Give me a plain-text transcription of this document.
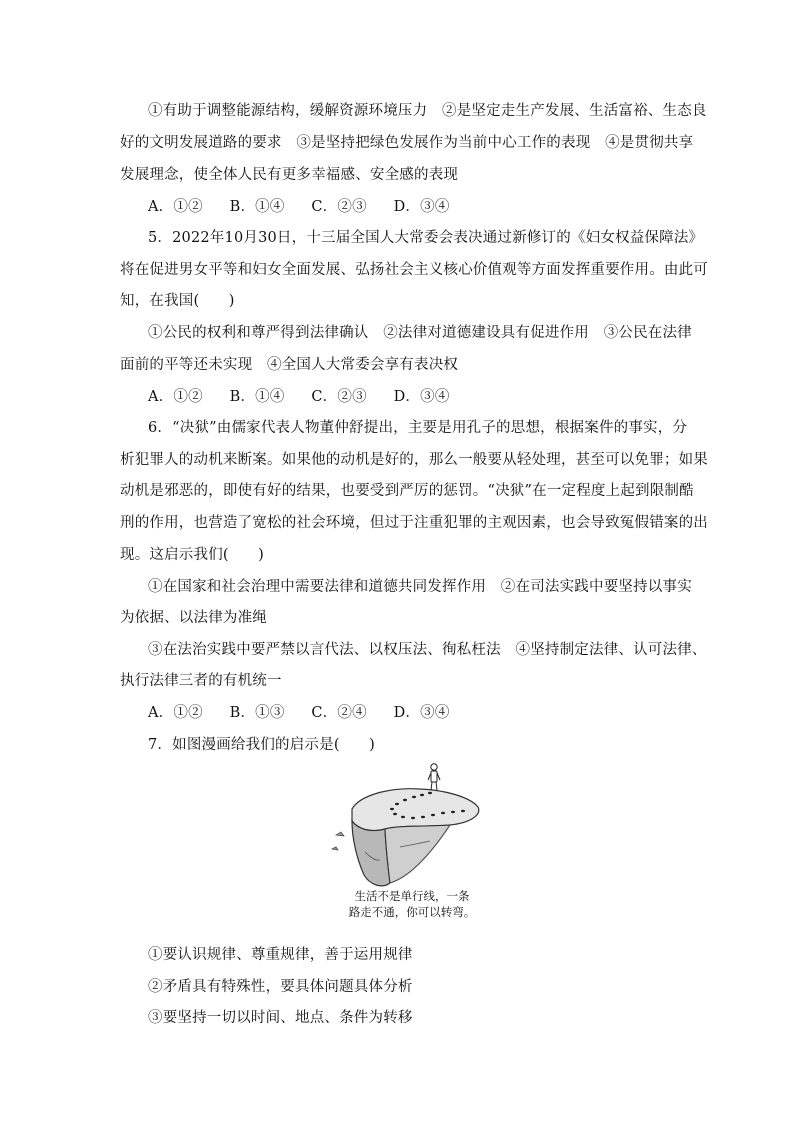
①有助于调整能源结构，缓解资源环境压力　②是坚定走生产发展、生活富裕、生态良
好的文明发展道路的要求　③是坚持把绿色发展作为当前中心工作的表现　④是贯彻共享
发展理念，使全体人民有更多幸福感、安全感的表现
A．①② B．①④ C．②③ D．③④
5．2022年10月30日，十三届全国人大常委会表决通过新修订的《妇女权益保障法》
将在促进男女平等和妇女全面发展、弘扬社会主义核心价值观等方面发挥重要作用。由此可
知，在我国(　　)
①公民的权利和尊严得到法律确认　②法律对道德建设具有促进作用　③公民在法律
面前的平等还未实现　④全国人大常委会享有表决权
A．①② B．①④ C．②③ D．③④
6．“决狱”由儒家代表人物董仲舒提出，主要是用孔子的思想，根据案件的事实，分
析犯罪人的动机来断案。如果他的动机是好的，那么一般要从轻处理，甚至可以免罪；如果
动机是邪恶的，即使有好的结果，也要受到严厉的惩罚。“决狱”在一定程度上起到限制酷
刑的作用，也营造了宽松的社会环境，但过于注重犯罪的主观因素，也会导致冤假错案的出
现。这启示我们(　　)
①在国家和社会治理中需要法律和道德共同发挥作用　②在司法实践中要坚持以事实
为依据、以法律为准绳
③在法治实践中要严禁以言代法、以权压法、徇私枉法　④坚持制定法律、认可法律、
执行法律三者的有机统一
A．①② B．①③ C．②④ D．③④
7．如图漫画给我们的启示是(　　)
生活不是单行线，一条
路走不通，你可以转弯。
①要认识规律、尊重规律，善于运用规律
②矛盾具有特殊性，要具体问题具体分析
③要坚持一切以时间、地点、条件为转移
